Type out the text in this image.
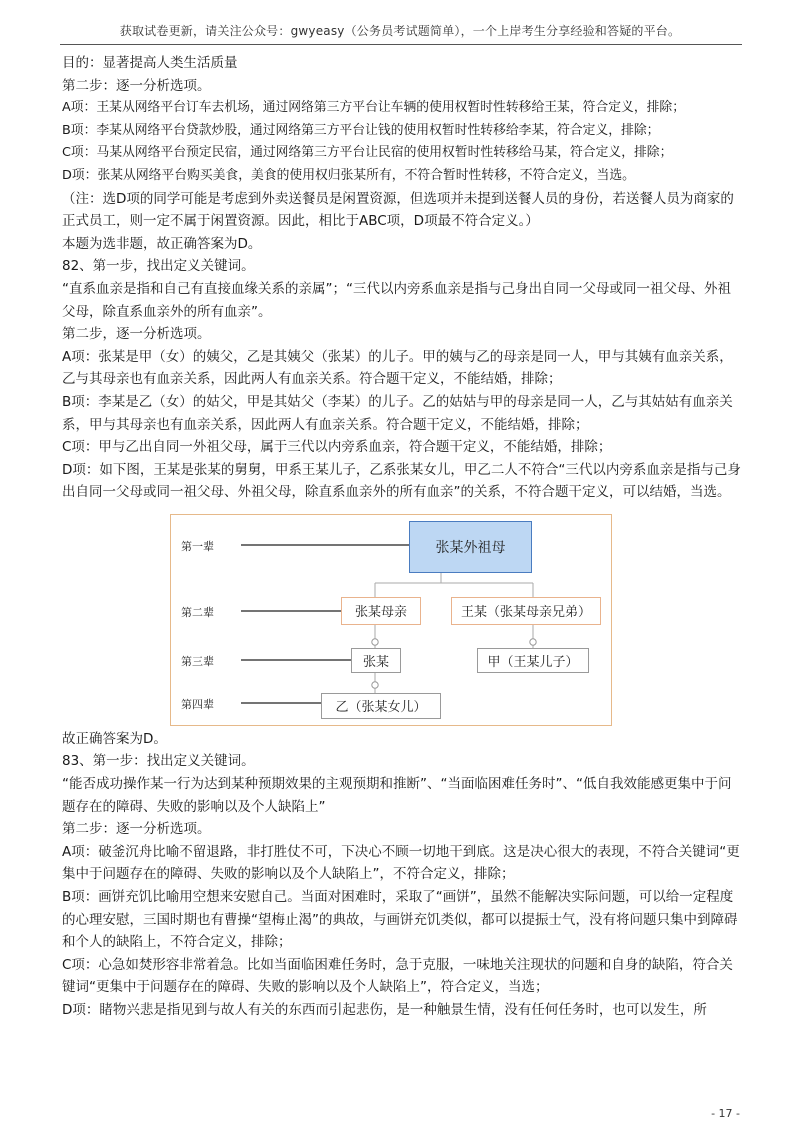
获取试卷更新，请关注公众号：gwyeasy（公务员考试题简单），一个上岸考生分享经验和答疑的平台。

目的：显著提高人类生活质量

第二步：逐一分析选项。

A项：王某从网络平台订车去机场，通过网络第三方平台让车辆的使用权暂时性转移给王某，符合定义，排除；

B项：李某从网络平台贷款炒股，通过网络第三方平台让钱的使用权暂时性转移给李某，符合定义，排除；

C项：马某从网络平台预定民宿，通过网络第三方平台让民宿的使用权暂时性转移给马某，符合定义，排除；

D项：张某从网络平台购买美食，美食的使用权归张某所有，不符合暂时性转移，不符合定义，当选。

（注：选D项的同学可能是考虑到外卖送餐员是闲置资源，但选项并未提到送餐人员的身份，若送餐人员为商家的正式员工，则一定不属于闲置资源。因此，相比于ABC项，D项最不符合定义。）

本题为选非题，故正确答案为D。

82、第一步，找出定义关键词。

“直系血亲是指和自己有直接血缘关系的亲属”；“三代以内旁系血亲是指与己身出自同一父母或同一祖父母、外祖父母，除直系血亲外的所有血亲”。

第二步，逐一分析选项。

A项：张某是甲（女）的姨父，乙是其姨父（张某）的儿子。甲的姨与乙的母亲是同一人，甲与其姨有血亲关系，乙与其母亲也有血亲关系，因此两人有血亲关系。符合题干定义，不能结婚，排除；

B项：李某是乙（女）的姑父，甲是其姑父（李某）的儿子。乙的姑姑与甲的母亲是同一人，乙与其姑姑有血亲关系，甲与其母亲也有血亲关系，因此两人有血亲关系。符合题干定义，不能结婚，排除；

C项：甲与乙出自同一外祖父母，属于三代以内旁系血亲，符合题干定义，不能结婚，排除；

D项：如下图，王某是张某的舅舅，甲系王某儿子，乙系张某女儿，甲乙二人不符合“三代以内旁系血亲是指与己身出自同一父母或同一祖父母、外祖父母，除直系血亲外的所有血亲”的关系，不符合题干定义，可以结婚，当选。

第一辈
第二辈
第三辈
第四辈
张某外祖母
张某母亲	王某（张某母亲兄弟）
张某	甲（王某儿子）
乙（张某女儿）

故正确答案为D。

83、第一步：找出定义关键词。

“能否成功操作某一行为达到某种预期效果的主观预期和推断”、“当面临困难任务时”、“低自我效能感更集中于问题存在的障碍、失败的影响以及个人缺陷上”

第二步：逐一分析选项。

A项：破釜沉舟比喻不留退路，非打胜仗不可，下决心不顾一切地干到底。这是决心很大的表现，不符合关键词“更集中于问题存在的障碍、失败的影响以及个人缺陷上”，不符合定义，排除；

B项：画饼充饥比喻用空想来安慰自己。当面对困难时，采取了“画饼”，虽然不能解决实际问题，可以给一定程度的心理安慰，三国时期也有曹操“望梅止渴”的典故，与画饼充饥类似，都可以提振士气，没有将问题只集中到障碍和个人的缺陷上，不符合定义，排除；

C项：心急如焚形容非常着急。比如当面临困难任务时，急于克服，一味地关注现状的问题和自身的缺陷，符合关键词“更集中于问题存在的障碍、失败的影响以及个人缺陷上”，符合定义，当选；

D项：睹物兴悲是指见到与故人有关的东西而引起悲伤，是一种触景生情，没有任何任务时，也可以发生，所

- 17 -
